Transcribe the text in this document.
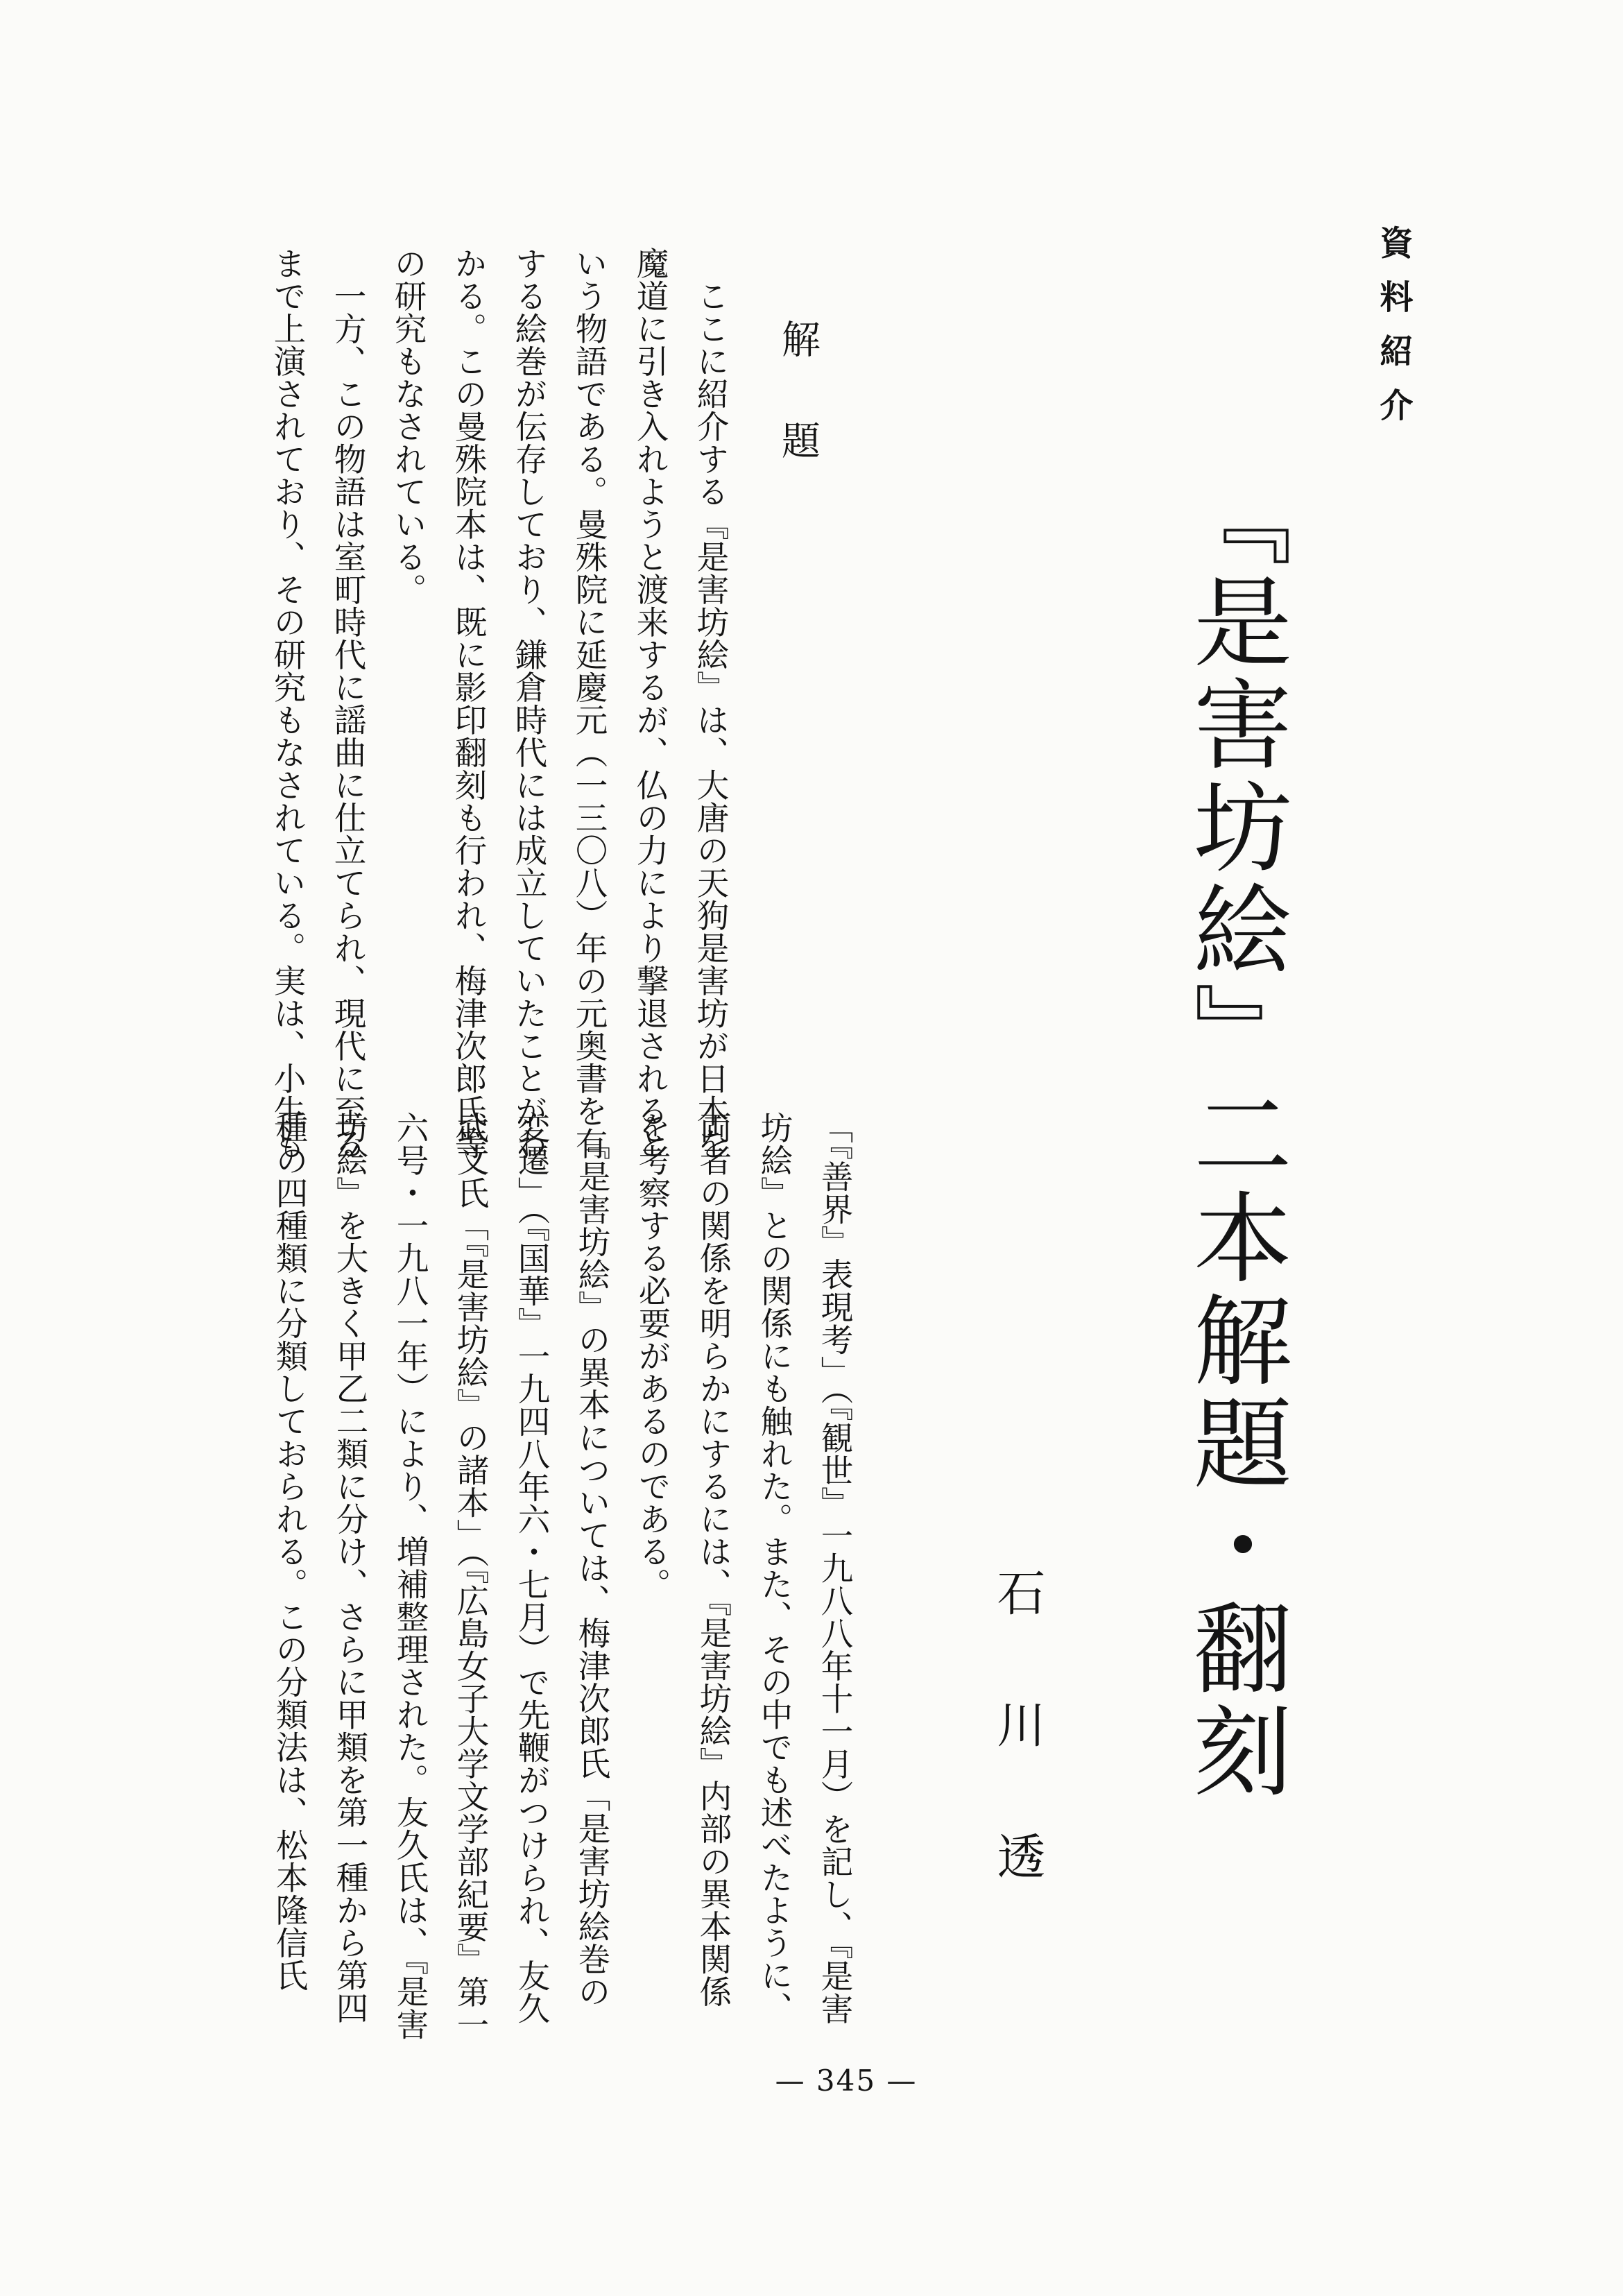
資料紹介
『是害坊絵』二本解題・翻刻
石川透
解題
　ここに紹介する『是害坊絵』は、大唐の天狗是害坊が日本を
魔道に引き入れようと渡来するが、仏の力により撃退されると
いう物語である。曼殊院に延慶元（一三〇八）年の元奥書を有
する絵巻が伝存しており、鎌倉時代には成立していたことがわ
かる。この曼殊院本は、既に影印翻刻も行われ、梅津次郎氏等
の研究もなされている。
　一方、この物語は室町時代に謡曲に仕立てられ、現代に至る
まで上演されており、その研究もなされている。実は、小生も
「『善界』表現考」（『観世』一九八八年十一月）を記し、『是害
坊絵』との関係にも触れた。また、その中でも述べたように、
両者の関係を明らかにするには、『是害坊絵』内部の異本関係
を考察する必要があるのである。
　『是害坊絵』の異本については、梅津次郎氏「是害坊絵巻の
変遷」（『国華』一九四八年六・七月）で先鞭がつけられ、友久
武文氏「『是害坊絵』の諸本」（『広島女子大学文学部紀要』第一
六号・一九八一年）により、増補整理された。友久氏は、『是害
坊絵』を大きく甲乙二類に分け、さらに甲類を第一種から第四
種の四種類に分類しておられる。この分類法は、松本隆信氏
— 345 —
